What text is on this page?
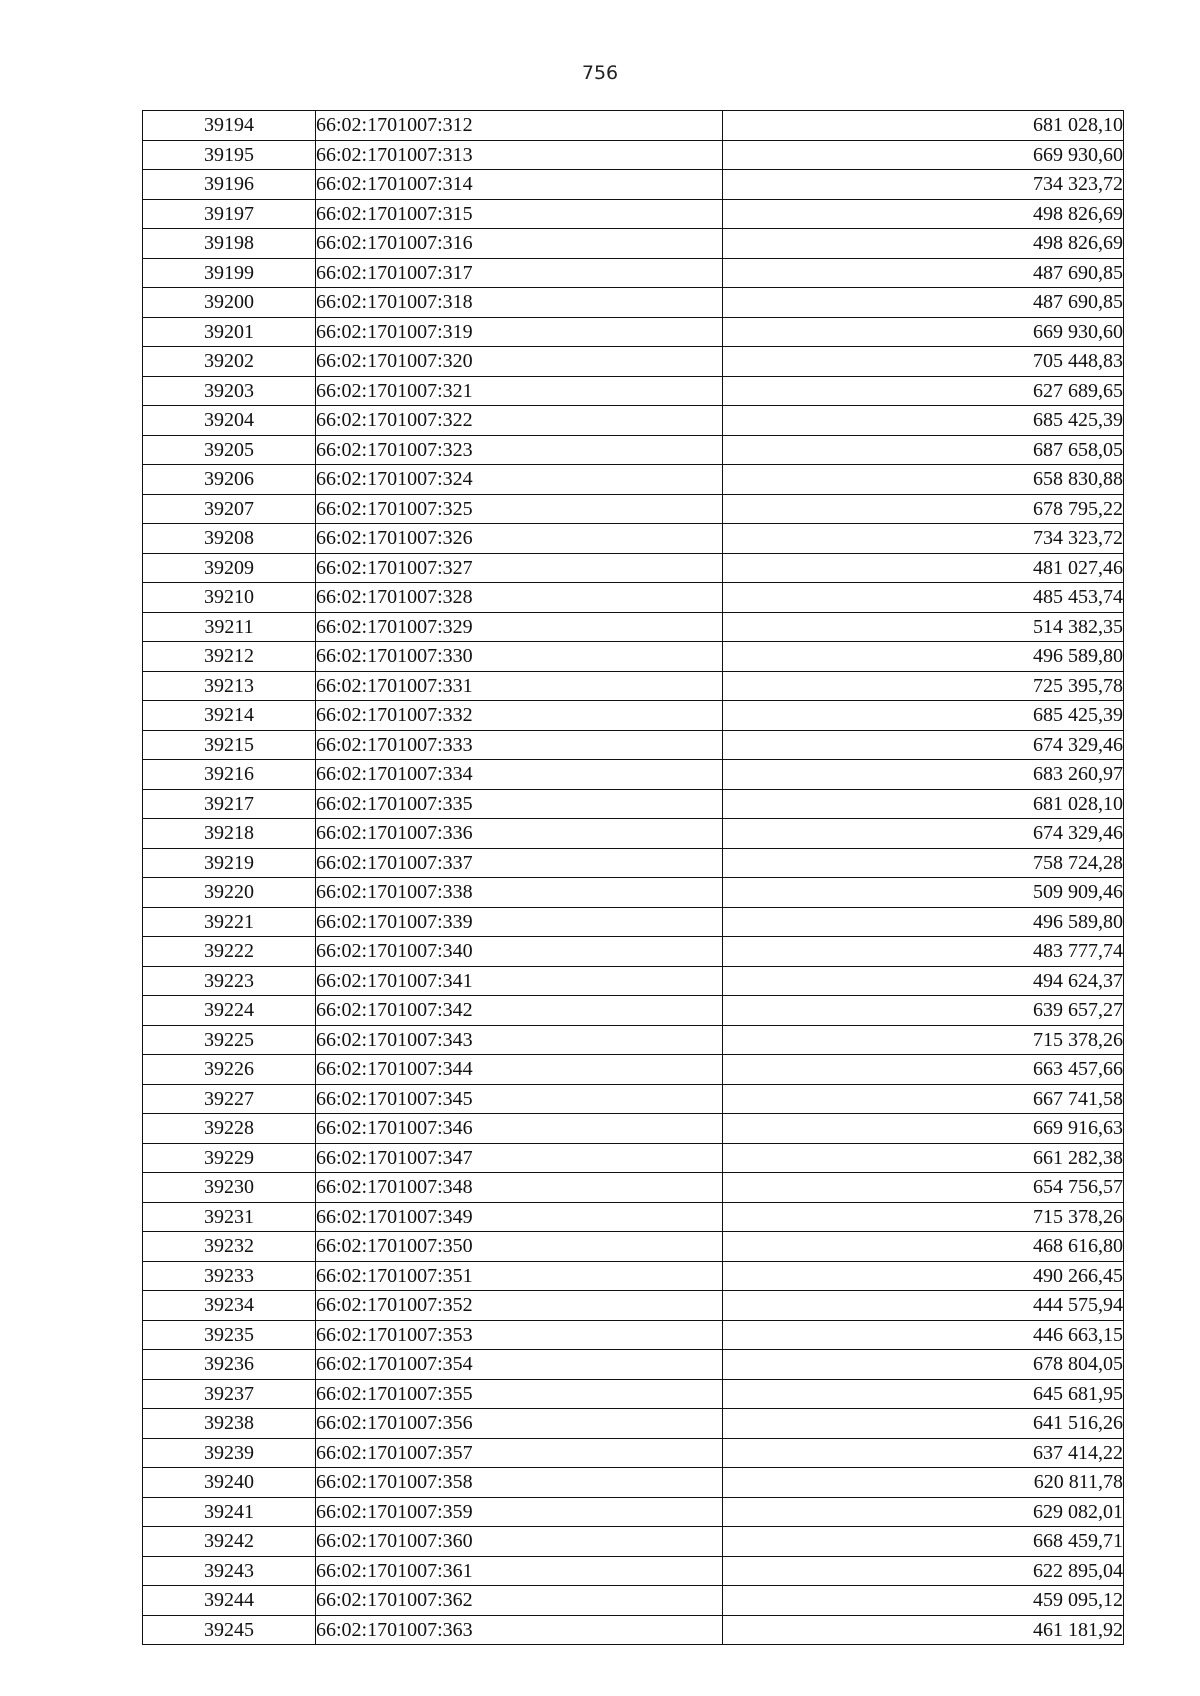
756
39194	66:02:1701007:312	681 028,10
39195	66:02:1701007:313	669 930,60
39196	66:02:1701007:314	734 323,72
39197	66:02:1701007:315	498 826,69
39198	66:02:1701007:316	498 826,69
39199	66:02:1701007:317	487 690,85
39200	66:02:1701007:318	487 690,85
39201	66:02:1701007:319	669 930,60
39202	66:02:1701007:320	705 448,83
39203	66:02:1701007:321	627 689,65
39204	66:02:1701007:322	685 425,39
39205	66:02:1701007:323	687 658,05
39206	66:02:1701007:324	658 830,88
39207	66:02:1701007:325	678 795,22
39208	66:02:1701007:326	734 323,72
39209	66:02:1701007:327	481 027,46
39210	66:02:1701007:328	485 453,74
39211	66:02:1701007:329	514 382,35
39212	66:02:1701007:330	496 589,80
39213	66:02:1701007:331	725 395,78
39214	66:02:1701007:332	685 425,39
39215	66:02:1701007:333	674 329,46
39216	66:02:1701007:334	683 260,97
39217	66:02:1701007:335	681 028,10
39218	66:02:1701007:336	674 329,46
39219	66:02:1701007:337	758 724,28
39220	66:02:1701007:338	509 909,46
39221	66:02:1701007:339	496 589,80
39222	66:02:1701007:340	483 777,74
39223	66:02:1701007:341	494 624,37
39224	66:02:1701007:342	639 657,27
39225	66:02:1701007:343	715 378,26
39226	66:02:1701007:344	663 457,66
39227	66:02:1701007:345	667 741,58
39228	66:02:1701007:346	669 916,63
39229	66:02:1701007:347	661 282,38
39230	66:02:1701007:348	654 756,57
39231	66:02:1701007:349	715 378,26
39232	66:02:1701007:350	468 616,80
39233	66:02:1701007:351	490 266,45
39234	66:02:1701007:352	444 575,94
39235	66:02:1701007:353	446 663,15
39236	66:02:1701007:354	678 804,05
39237	66:02:1701007:355	645 681,95
39238	66:02:1701007:356	641 516,26
39239	66:02:1701007:357	637 414,22
39240	66:02:1701007:358	620 811,78
39241	66:02:1701007:359	629 082,01
39242	66:02:1701007:360	668 459,71
39243	66:02:1701007:361	622 895,04
39244	66:02:1701007:362	459 095,12
39245	66:02:1701007:363	461 181,92
